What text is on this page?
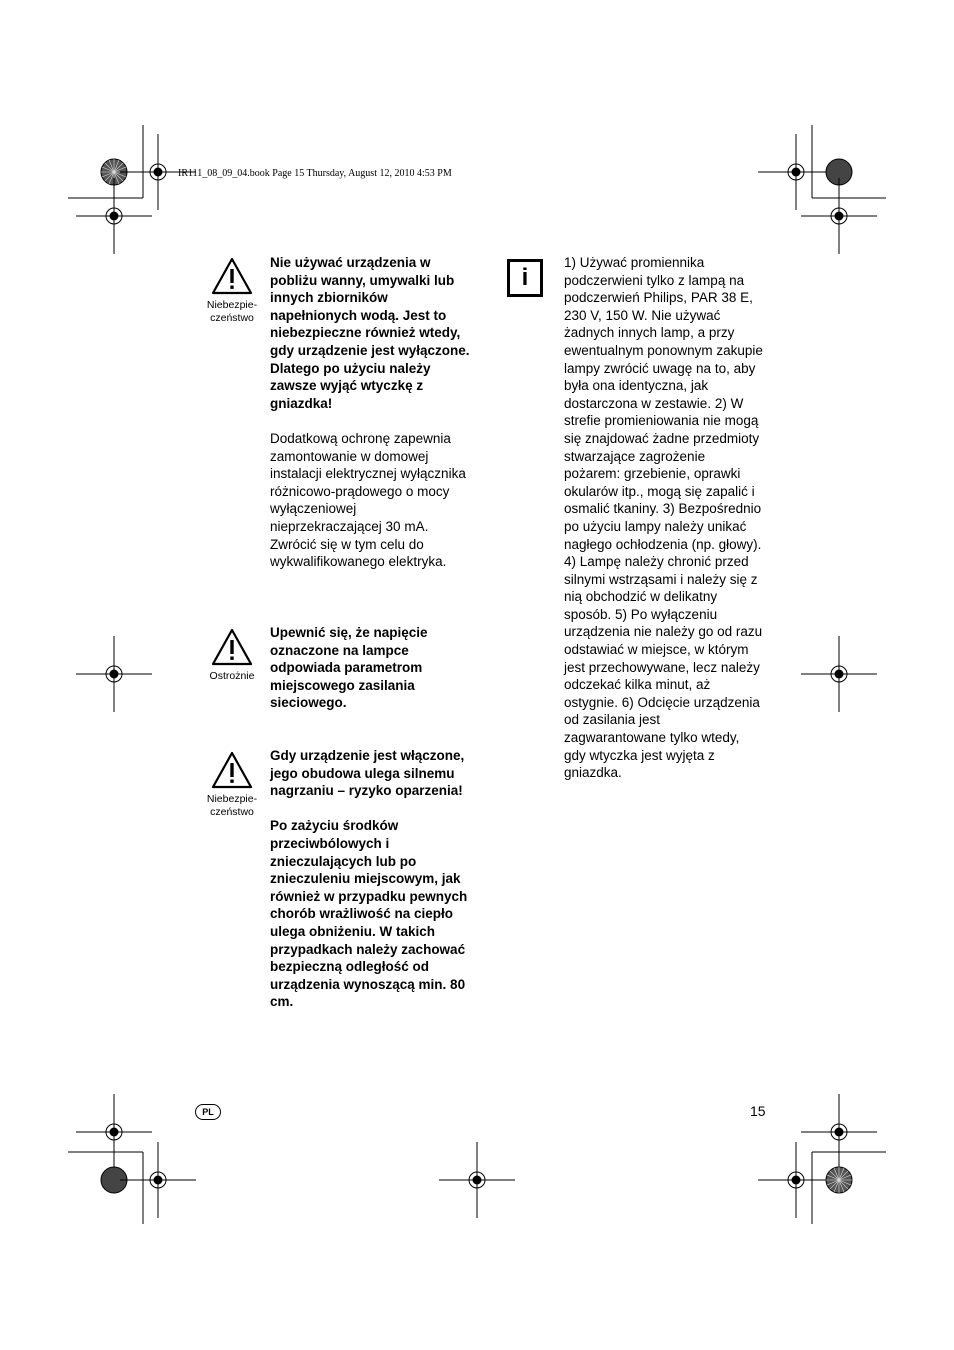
IR111_08_09_04.book Page 15 Thursday, August 12, 2010 4:53 PM
Niebezpie-
czeństwo

Nie używać urządzenia w pobliżu wanny, umywalki lub innych zbiorników napełnionych wodą. Jest to niebezpieczne również wtedy, gdy urządzenie jest wyłączone. Dlatego po użyciu należy zawsze wyjąć wtyczkę z gniazdka!

Dodatkową ochronę zapewnia zamontowanie w domowej instalacji elektrycznej wyłącznika różnicowo-prądowego o mocy wyłączeniowej nieprzekraczającej 30 mA. Zwrócić się w tym celu do wykwalifikowanego elektryka.

Ostrożnie

Upewnić się, że napięcie oznaczone na lampce odpowiada parametrom miejscowego zasilania sieciowego.

Niebezpie-
czeństwo

Gdy urządzenie jest włączone, jego obudowa ulega silnemu nagrzaniu – ryzyko oparzenia!

Po zażyciu środków przeciwbólowych i znieczulających lub po znieczuleniu miejscowym, jak również w przypadku pewnych chorób wrażliwość na ciepło ulega obniżeniu. W takich przypadkach należy zachować bezpieczną odległość od urządzenia wynoszącą min. 80 cm.

i
1) Używać promiennika podczerwieni tylko z lampą na podczerwień Philips, PAR 38 E, 230 V, 150 W. Nie używać żadnych innych lamp, a przy ewentualnym ponownym zakupie lampy zwrócić uwagę na to, aby była ona identyczna, jak dostarczona w zestawie. 2) W strefie promieniowania nie mogą się znajdować żadne przedmioty stwarzające zagrożenie pożarem: grzebienie, oprawki okularów itp., mogą się zapalić i osmalić tkaniny. 3) Bezpośrednio po użyciu lampy należy unikać nagłego ochłodzenia (np. głowy). 4) Lampę należy chronić przed silnymi wstrząsami i należy się z nią obchodzić w delikatny sposób. 5) Po wyłączeniu urządzenia nie należy go od razu odstawiać w miejsce, w którym jest przechowywane, lecz należy odczekać kilka minut, aż ostygnie. 6) Odcięcie urządzenia od zasilania jest zagwarantowane tylko wtedy, gdy wtyczka jest wyjęta z gniazdka.
PL	15
